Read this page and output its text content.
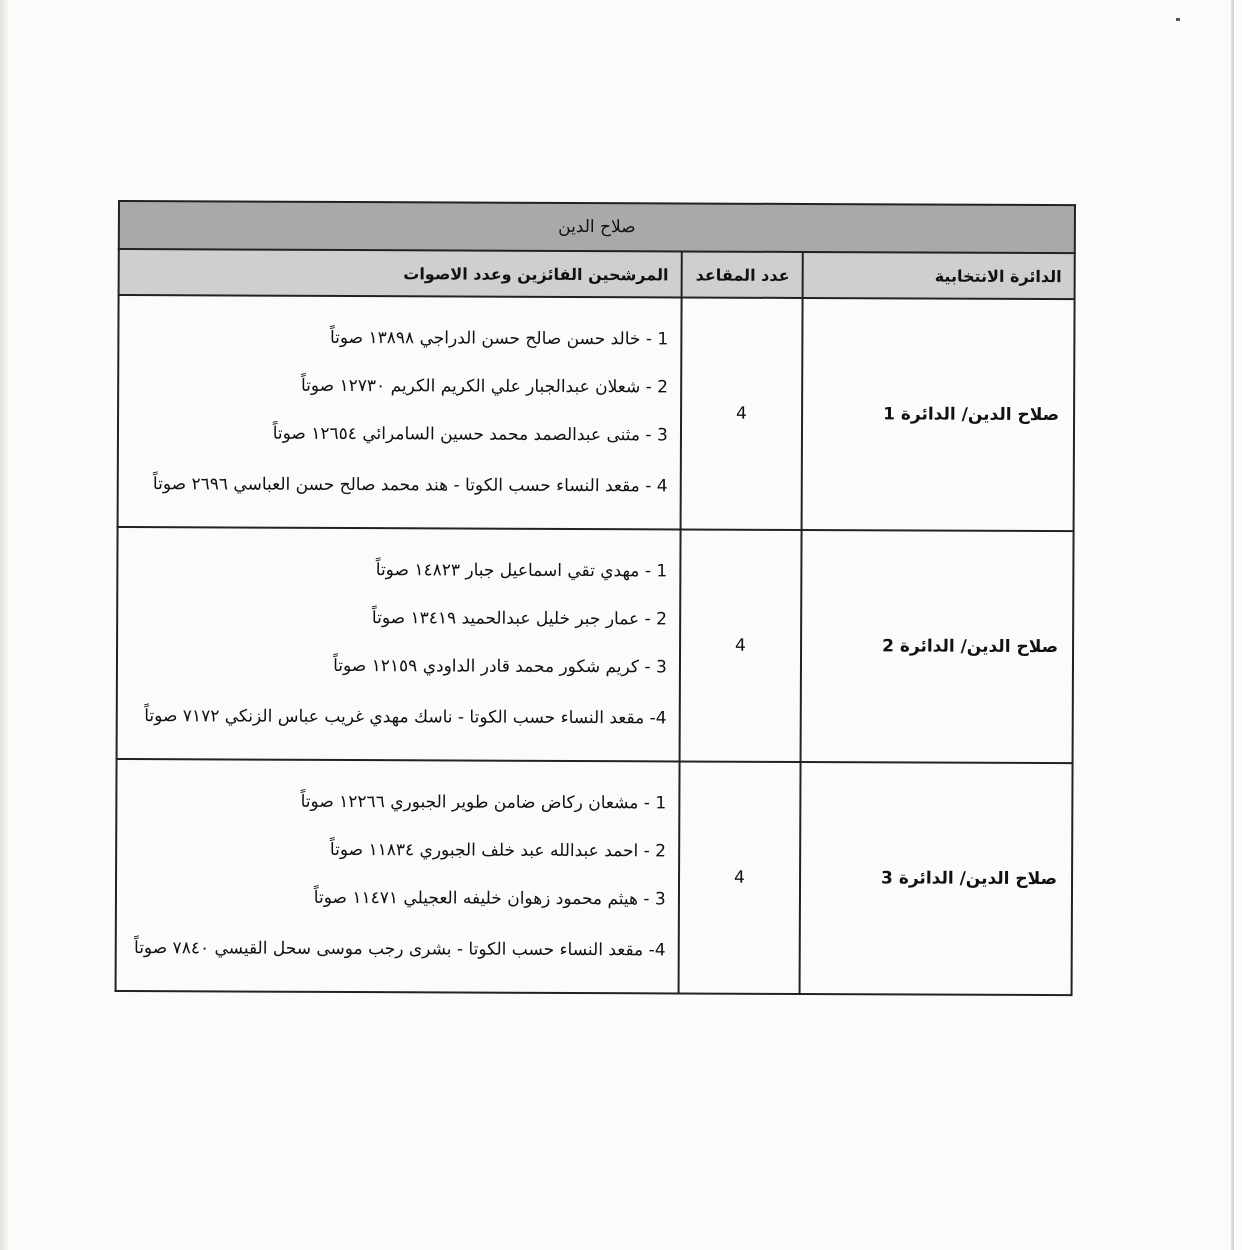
صلاح الدين		
الدائرة الانتخابية	عدد المقاعد	المرشحين الفائزين وعدد الاصوات
صلاح الدين/ الدائرة 1	4	1 - خالد حسن صالح حسن الدراجي ١٣٨٩٨ صوتاً

2 - شعلان عبدالجبار علي الكريم الكريم ١٢٧٣٠ صوتاً

3 - مثنى عبدالصمد محمد حسين السامرائي ١٢٦٥٤ صوتاً

4 - مقعد النساء حسب الكوتا - هند محمد صالح حسن العباسي ٢٦٩٦ صوتاً

صلاح الدين/ الدائرة 2	4	1 - مهدي تقي اسماعيل جبار ١٤٨٢٣ صوتاً

2 - عمار جبر خليل عبدالحميد ١٣٤١٩ صوتاً

3 - كريم شكور محمد قادر الداودي ١٢١٥٩ صوتاً

4- مقعد النساء حسب الكوتا - ناسك مهدي غريب عباس الزنكي ٧١٧٢ صوتاً

صلاح الدين/ الدائرة 3	4	1 - مشعان ركاض ضامن طوير الجبوري ١٢٢٦٦ صوتاً

2 - احمد عبدالله عبد خلف الجبوري ١١٨٣٤ صوتاً

3 - هيثم محمود زهوان خليفه العجيلي ١١٤٧١ صوتاً

4- مقعد النساء حسب الكوتا - بشرى رجب موسى سحل القيسي ٧٨٤٠ صوتاً
